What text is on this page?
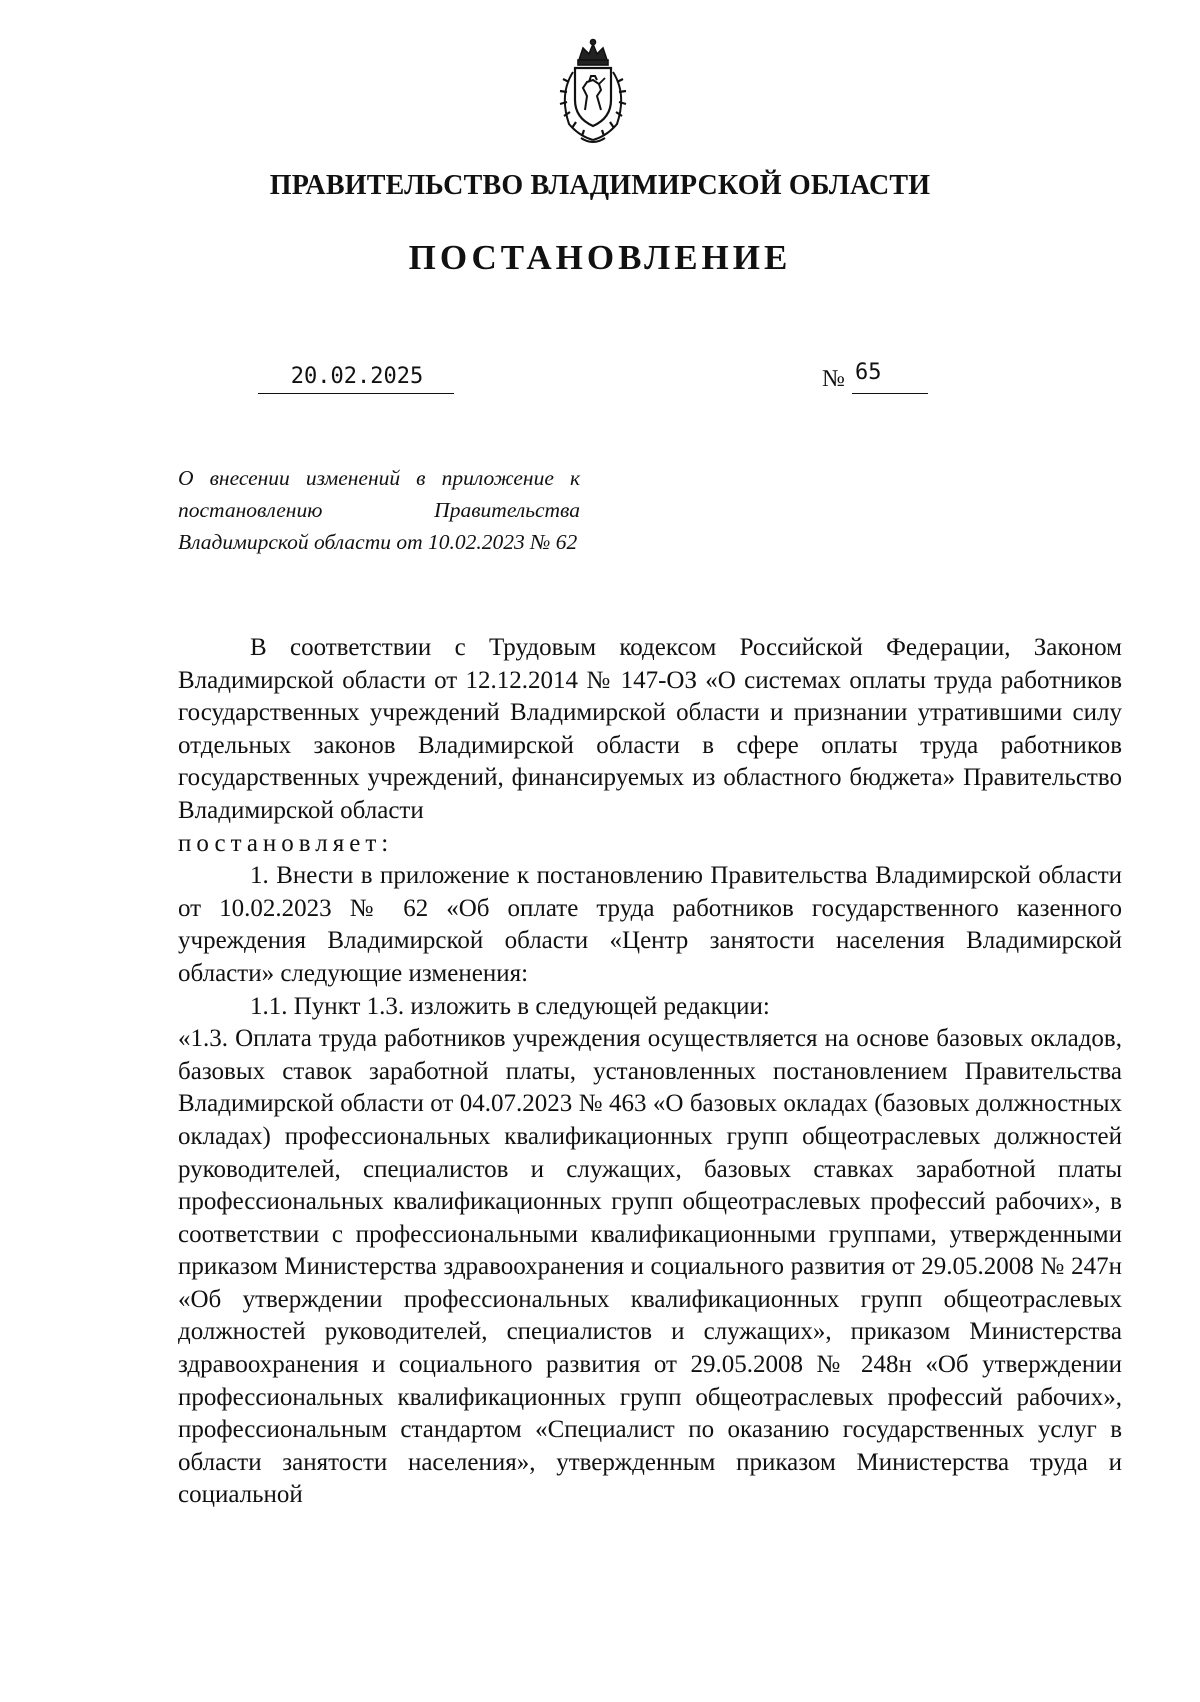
ПРАВИТЕЛЬСТВО ВЛАДИМИРСКОЙ ОБЛАСТИ
ПОСТАНОВЛЕНИЕ
20.02.2025	№ 65
О внесении изменений в приложение к постановлению Правительства Владимирской области от 10.02.2023 № 62

В соответствии с Трудовым кодексом Российской Федерации, Законом Владимирской области от 12.12.2014 № 147-ОЗ «О системах оплаты труда работников государственных учреждений Владимирской области и признании утратившими силу отдельных законов Владимирской области в сфере оплаты труда работников государственных учреждений, финансируемых из областного бюджета» Правительство Владимирской области

постановляет:

1. Внести в приложение к постановлению Правительства Владимирской области от 10.02.2023 № 62 «Об оплате труда работников государственного казенного учреждения Владимирской области «Центр занятости населения Владимирской области» следующие изменения:

1.1. Пункт 1.3. изложить в следующей редакции:

«1.3. Оплата труда работников учреждения осуществляется на основе базовых окладов, базовых ставок заработной платы, установленных постановлением Правительства Владимирской области от 04.07.2023 № 463 «О базовых окладах (базовых должностных окладах) профессиональных квалификационных групп общеотраслевых должностей руководителей, специалистов и служащих, базовых ставках заработной платы профессиональных квалификационных групп общеотраслевых профессий рабочих», в соответствии с профессиональными квалификационными группами, утвержденными приказом Министерства здравоохранения и социального развития от 29.05.2008 № 247н «Об утверждении профессиональных квалификационных групп общеотраслевых должностей руководителей, специалистов и служащих», приказом Министерства здравоохранения и социального развития от 29.05.2008 № 248н «Об утверждении профессиональных квалификационных групп общеотраслевых профессий рабочих», профессиональным стандартом «Специалист по оказанию государственных услуг в области занятости населения», утвержденным приказом Министерства труда и социальной
